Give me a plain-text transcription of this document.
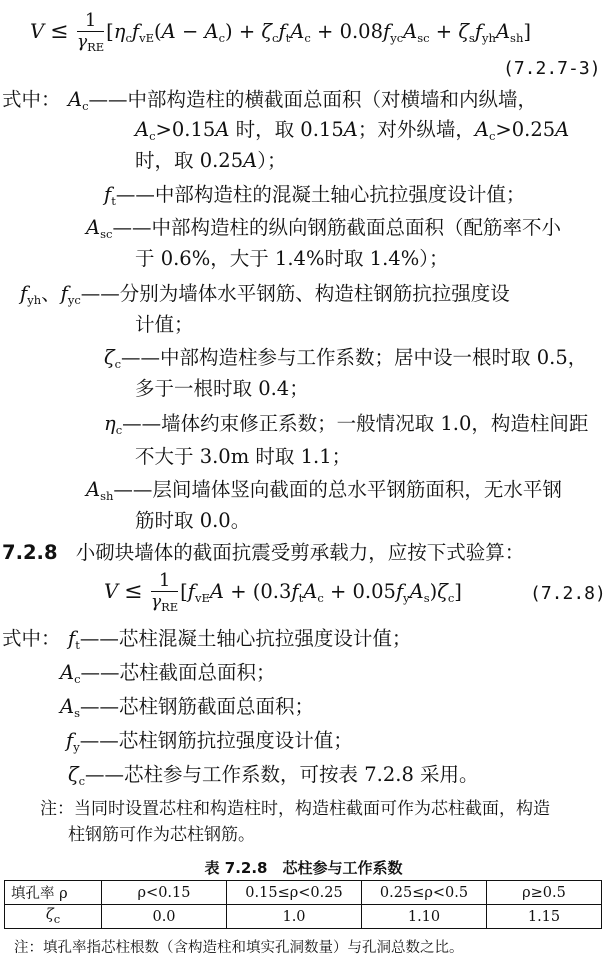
$V \le \frac{1}{\gamma_{RE}} [\eta_cf_{vE}(A - A_c) + \zeta_cf_tA_c + 0.08f_{yc}A_{sc} + \zeta_sf_{yh}A_{sh}]$
(7.2.7-3)
式中： $A_c——$中部构造柱的横截面总面积（对横墙和内纵墙，
$A_c>0.15A$ 时，取 0.15A；对外纵墙，$A_c>0.25A$
时，取 0.25A）；
$f_t——$中部构造柱的混凝土轴心抗拉强度设计值；
$A_{sc}——$中部构造柱的纵向钢筋截面总面积（配筋率不小
于 0.6%，大于 1.4%时取 1.4%）；
$f_{yh}$、$f_{yc}——$分别为墙体水平钢筋、构造柱钢筋抗拉强度设
计值；
$\zeta_c——$中部构造柱参与工作系数；居中设一根时取 0.5，
多于一根时取 0.4；
$\eta_c——$墙体约束修正系数；一般情况取 1.0，构造柱间距
不大于 3.0m 时取 1.1；
$A_{sh}——$层间墙体竖向截面的总水平钢筋面积，无水平钢
筋时取 0.0。
7.2.8 小砌块墙体的截面抗震受剪承载力，应按下式验算：
$V \le \frac{1}{\gamma_{RE}} [f_{vE}A + (0.3f_tA_c + 0.05f_yA_s)\zeta_c]$	(7.2.8)
式中： $f_t——$芯柱混凝土轴心抗拉强度设计值；
$A_c——$芯柱截面总面积；
$A_s——$芯柱钢筋截面总面积；
$f_y——$芯柱钢筋抗拉强度设计值；
$\zeta_c——$芯柱参与工作系数，可按表 7.2.8 采用。
注：当同时设置芯柱和构造柱时，构造柱截面可作为芯柱截面，构造
柱钢筋可作为芯柱钢筋。
表 7.2.8　芯柱参与工作系数
填孔率 ρ	ρ<0.15	0.15≤ρ<0.25	0.25≤ρ<0.5	ρ≥0.5
$\zeta_c$	0.0	1.0	1.10	1.15
注：填孔率指芯柱根数（含构造柱和填实孔洞数量）与孔洞总数之比。
